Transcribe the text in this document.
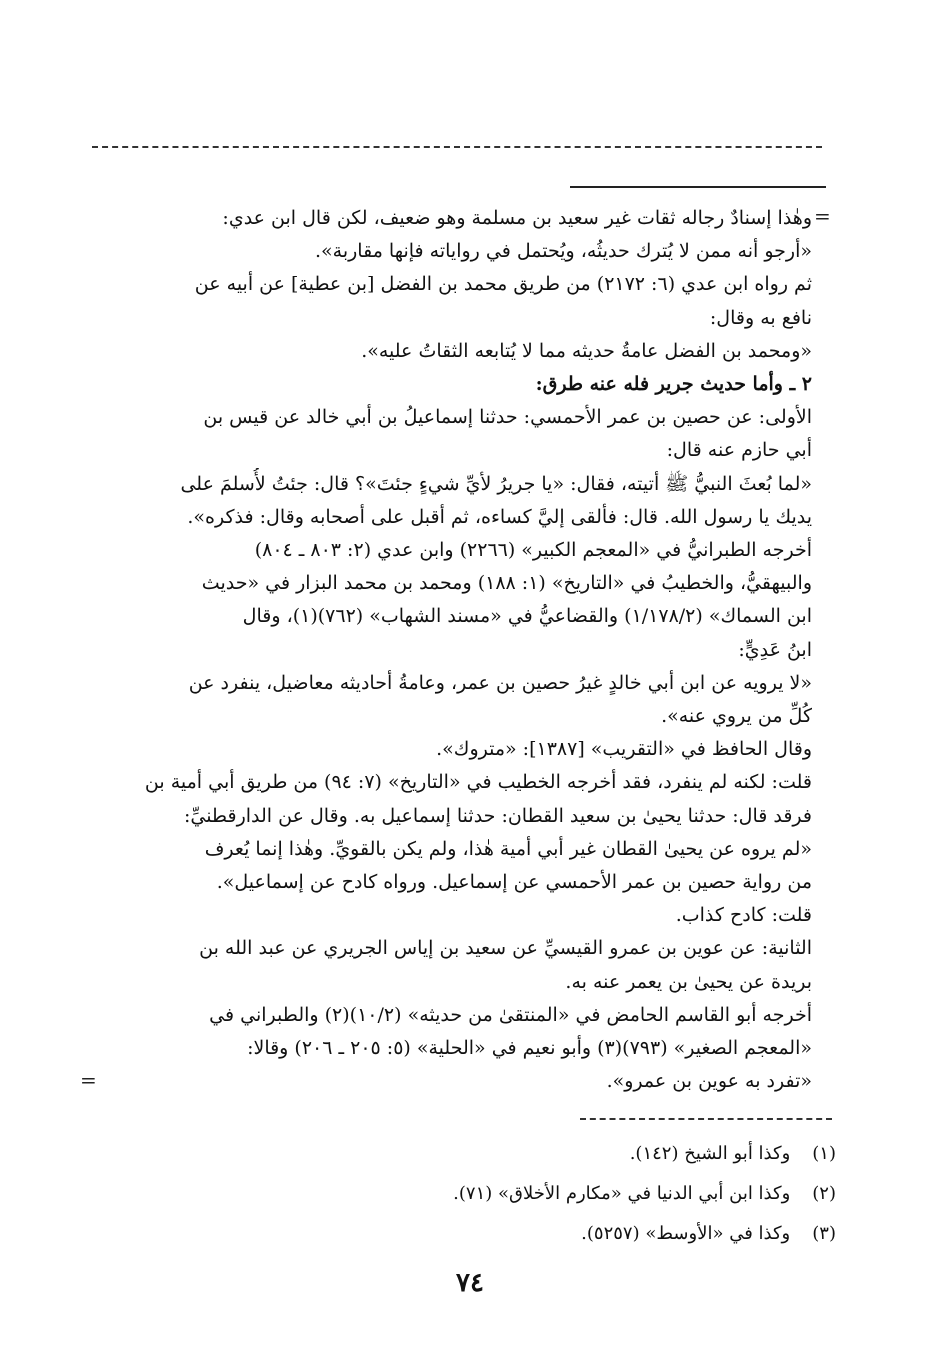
=
=
وهٰذا إسنادٌ رجاله ثقات غير سعيد بن مسلمة وهو ضعيف، لكن قال ابن عدي:
«أرجو أنه ممن لا يُترك حديثُه، ويُحتمل في رواياته فإنها مقاربة».
ثم رواه ابن عدي (٦: ٢١٧٢) من طريق محمد بن الفضل [بن عطية] عن أبيه عن
نافع به وقال:
«ومحمد بن الفضل عامةُ حديثه مما لا يُتابعه الثقاتُ عليه».
٢ ـ وأما حديث جرير فله عنه طرق:
الأولى: عن حصين بن عمر الأحمسي: حدثنا إسماعيلُ بن أبي خالد عن قيس بن
أبي حازم عنه قال:
«لما بُعثَ النبيُّ ﷺ أتيته، فقال: «يا جريرُ لأيِّ شيءٍ جئتَ»؟ قال: جئتُ لأُسلمَ على
يديك يا رسول الله. قال: فألقى إليَّ كساءه، ثم أقبل على أصحابه وقال: فذكره».
أخرجه الطبرانيُّ في «المعجم الكبير» (٢٢٦٦) وابن عدي (٢: ٨٠٣ ـ ٨٠٤)
والبيهقيُّ، والخطيبُ في «التاريخ» (١: ١٨٨) ومحمد بن محمد البزار في «حديث
ابن السماك» (١/١٧٨/٢) والقضاعيُّ في «مسند الشهاب» (٧٦٢)(١)، وقال
ابنُ عَدِيٍّ:
«لا يرويه عن ابن أبي خالدٍ غيرُ حصين بن عمر، وعامةُ أحاديثه معاضيل، ينفرد عن
كُلِّ من يروي عنه».
وقال الحافظ في «التقريب» [١٣٨٧]: «متروك».
قلت: لكنه لم ينفرد، فقد أخرجه الخطيب في «التاريخ» (٧: ٩٤) من طريق أبي أمية بن
فرقد قال: حدثنا يحيىٰ بن سعيد القطان: حدثنا إسماعيل به. وقال عن الدارقطنيِّ:
«لم يروه عن يحيىٰ القطان غير أبي أمية هٰذا، ولم يكن بالقويِّ. وهٰذا إنما يُعرف
من رواية حصين بن عمر الأحمسي عن إسماعيل. ورواه كادح عن إسماعيل».
قلت: كادح كذاب.
الثانية: عن عوين بن عمرو القيسيِّ عن سعيد بن إياس الجريري عن عبد الله بن
بريدة عن يحيىٰ بن يعمر عنه به.
أخرجه أبو القاسم الحامض في «المنتقىٰ من حديثه» (١٠/٢)(٢) والطبراني في
«المعجم الصغير» (٧٩٣)(٣) وأبو نعيم في «الحلية» (٥: ٢٠٥ ـ ٢٠٦) وقالا:
«تفرد به عوين بن عمرو».
(١) وكذا أبو الشيخ (١٤٢).
(٢) وكذا ابن أبي الدنيا في «مكارم الأخلاق» (٧١).
(٣) وكذا في «الأوسط» (٥٢٥٧).
٧٤
